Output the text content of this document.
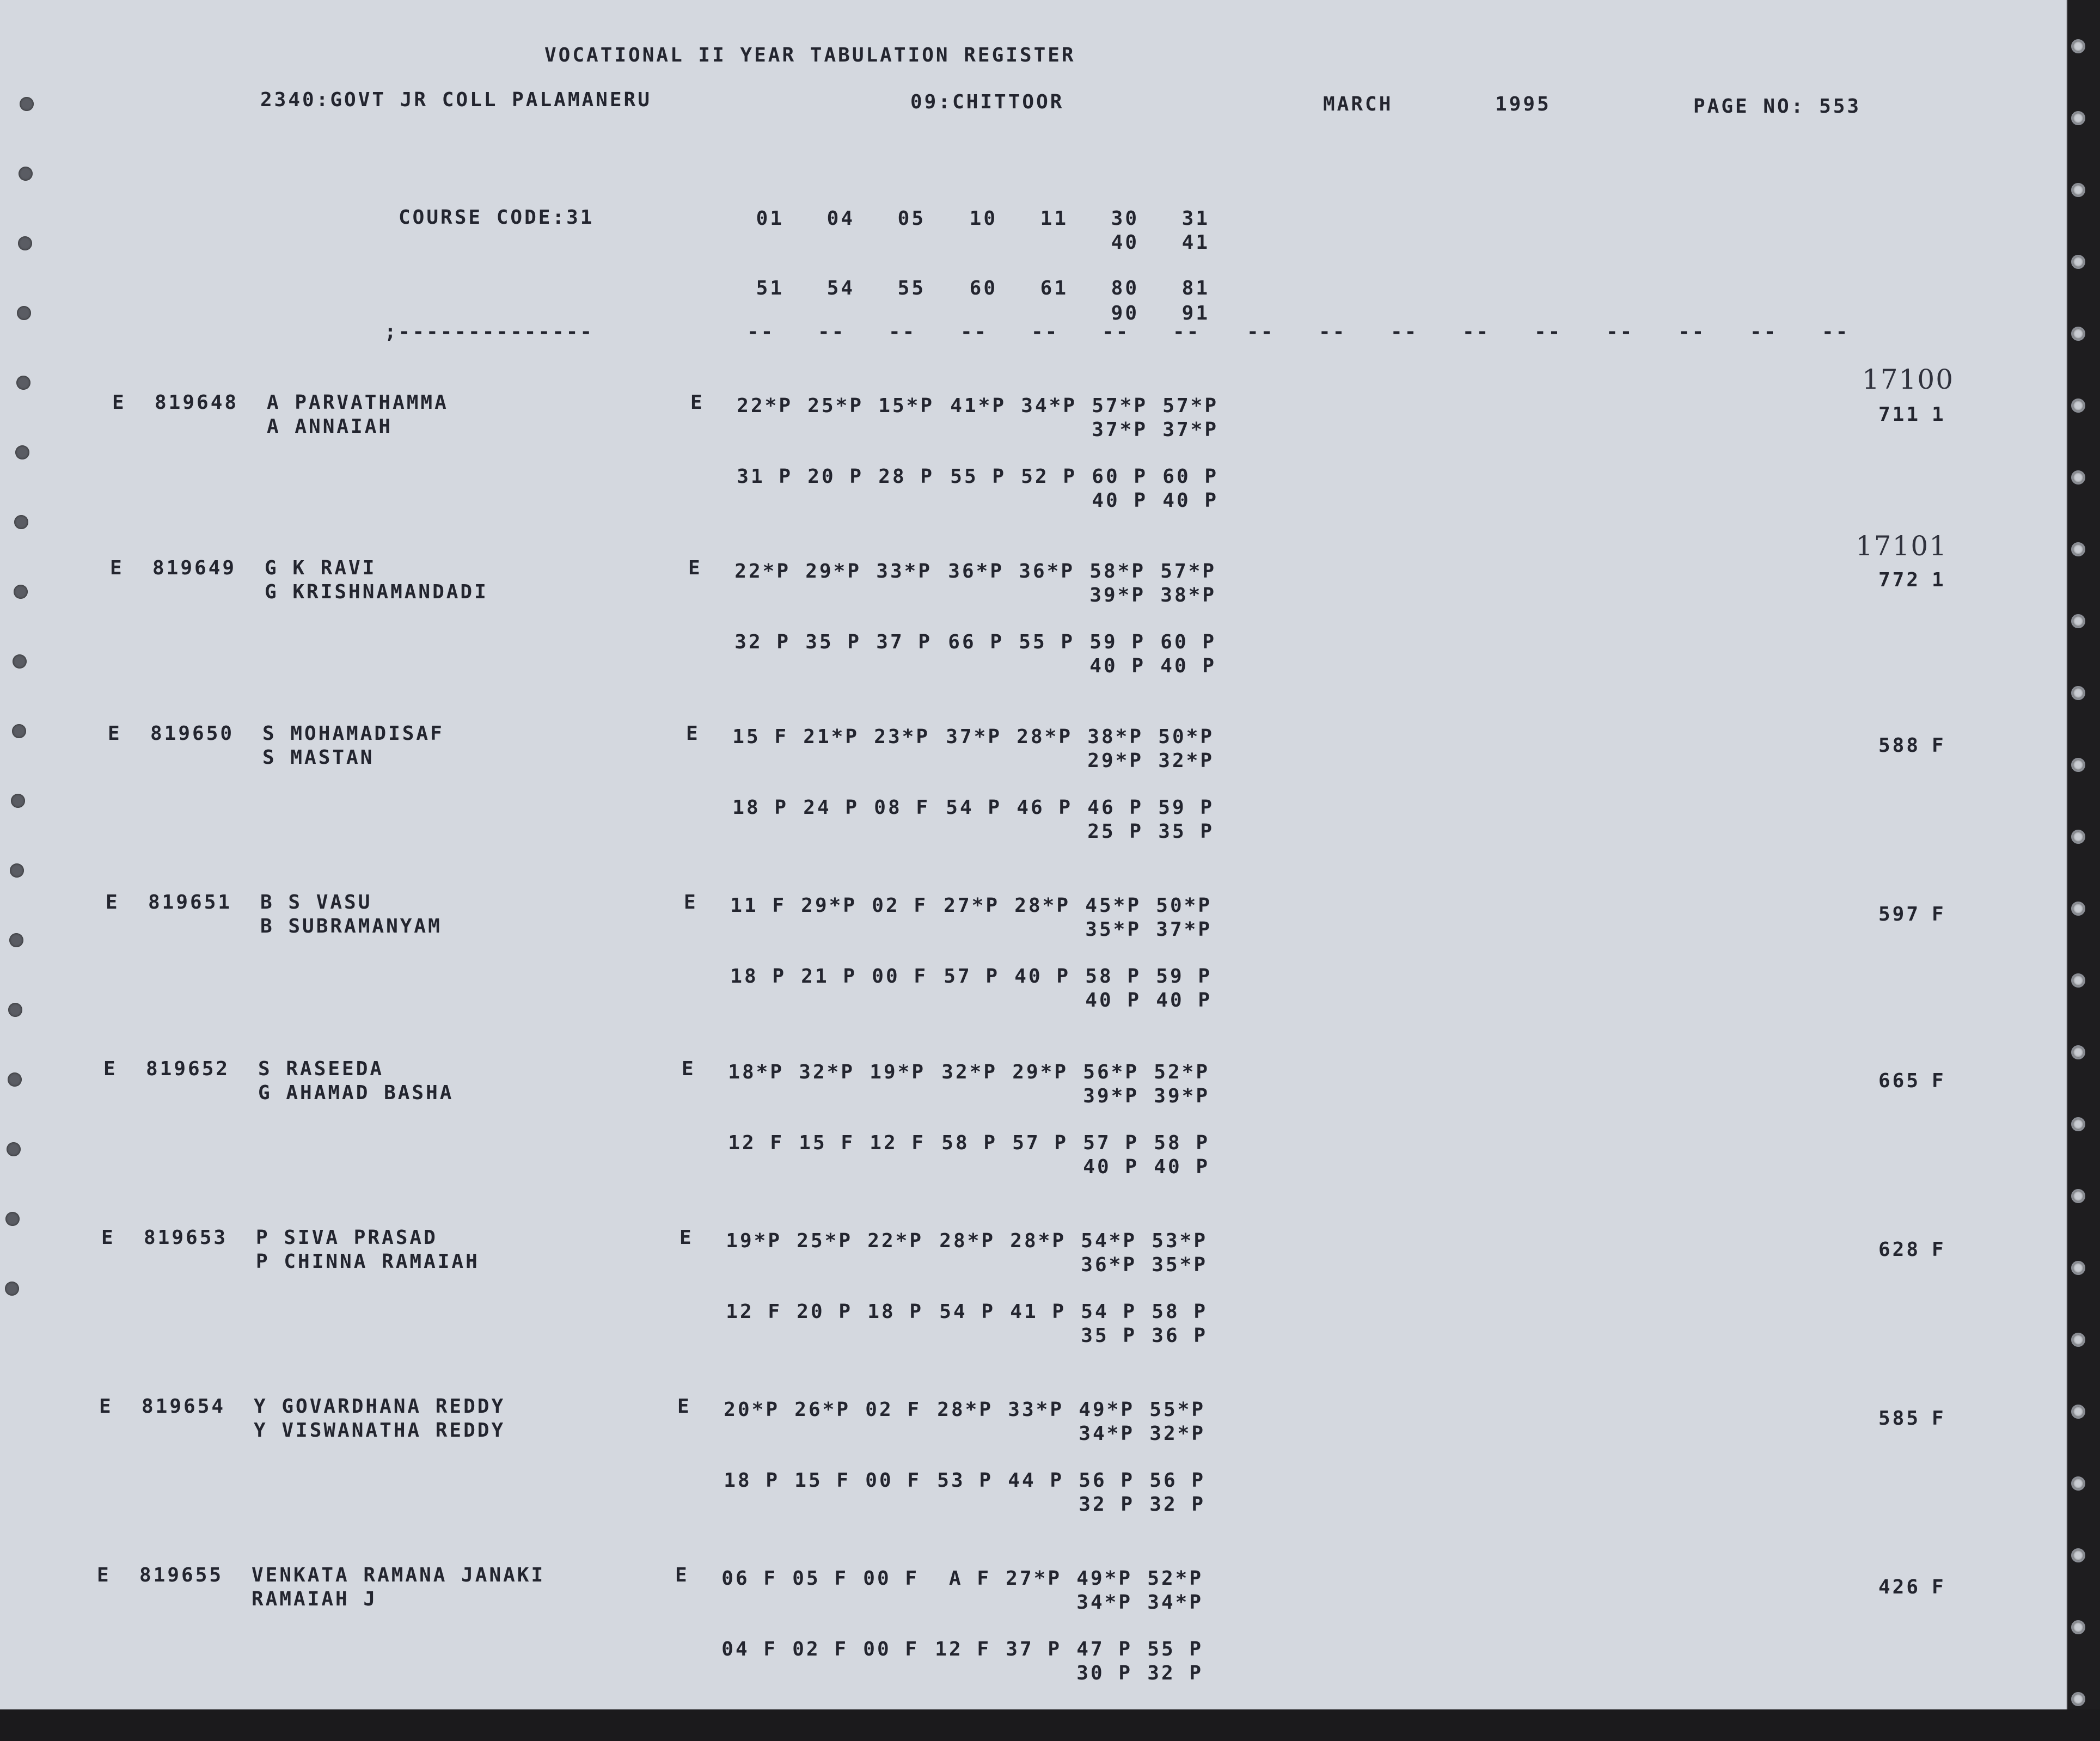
VOCATIONAL II YEAR TABULATION REGISTER
2340:GOVT JR COLL PALAMANERU	09:CHITTOOR	MARCH	1995	PAGE NO: 553
COURSE CODE:31	01	04	05	10	11	30	31
40	41
51	54	55	60	61	80	81
90	91
;--------------	-- -- -- -- -- -- -- -- -- -- -- -- -- -- -- --
E 819648 A PARVATHAMMA
A ANNAIAH
E 22*P 25*P 15*P 41*P 34*P 57*P 57*P
37*P 37*P
31 P 20 P 28 P 55 P 52 P 60 P 60 P
40 P 40 P
711 1
E 819649 G K RAVI
G KRISHNAMANDADI
E 22*P 29*P 33*P 36*P 36*P 58*P 57*P
39*P 38*P
32 P 35 P 37 P 66 P 55 P 59 P 60 P
40 P 40 P
772 1
E 819650 S MOHAMADISAF
S MASTAN
E 15 F 21*P 23*P 37*P 28*P 38*P 50*P
29*P 32*P
18 P 24 P 08 F 54 P 46 P 46 P 59 P
25 P 35 P
588 F
E 819651 B S VASU
B SUBRAMANYAM
E 11 F 29*P 02 F 27*P 28*P 45*P 50*P
35*P 37*P
18 P 21 P 00 F 57 P 40 P 58 P 59 P
40 P 40 P
597 F
E 819652 S RASEEDA
G AHAMAD BASHA
E 18*P 32*P 19*P 32*P 29*P 56*P 52*P
39*P 39*P
12 F 15 F 12 F 58 P 57 P 57 P 58 P
40 P 40 P
665 F
E 819653 P SIVA PRASAD
P CHINNA RAMAIAH
E 19*P 25*P 22*P 28*P 28*P 54*P 53*P
36*P 35*P
12 F 20 P 18 P 54 P 41 P 54 P 58 P
35 P 36 P
628 F
E 819654 Y GOVARDHANA REDDY
Y VISWANATHA REDDY
E 20*P 26*P 02 F 28*P 33*P 49*P 55*P
34*P 32*P
18 P 15 F 00 F 53 P 44 P 56 P 56 P
32 P 32 P
585 F
E 819655 VENKATA RAMANA JANAKI
RAMAIAH J
E 06 F 05 F 00 F	A F 27*P 49*P 52*P
34*P 34*P
04 F 02 F 00 F 12 F 37 P 47 P 55 P
30 P 32 P
426 F
17100
17101
